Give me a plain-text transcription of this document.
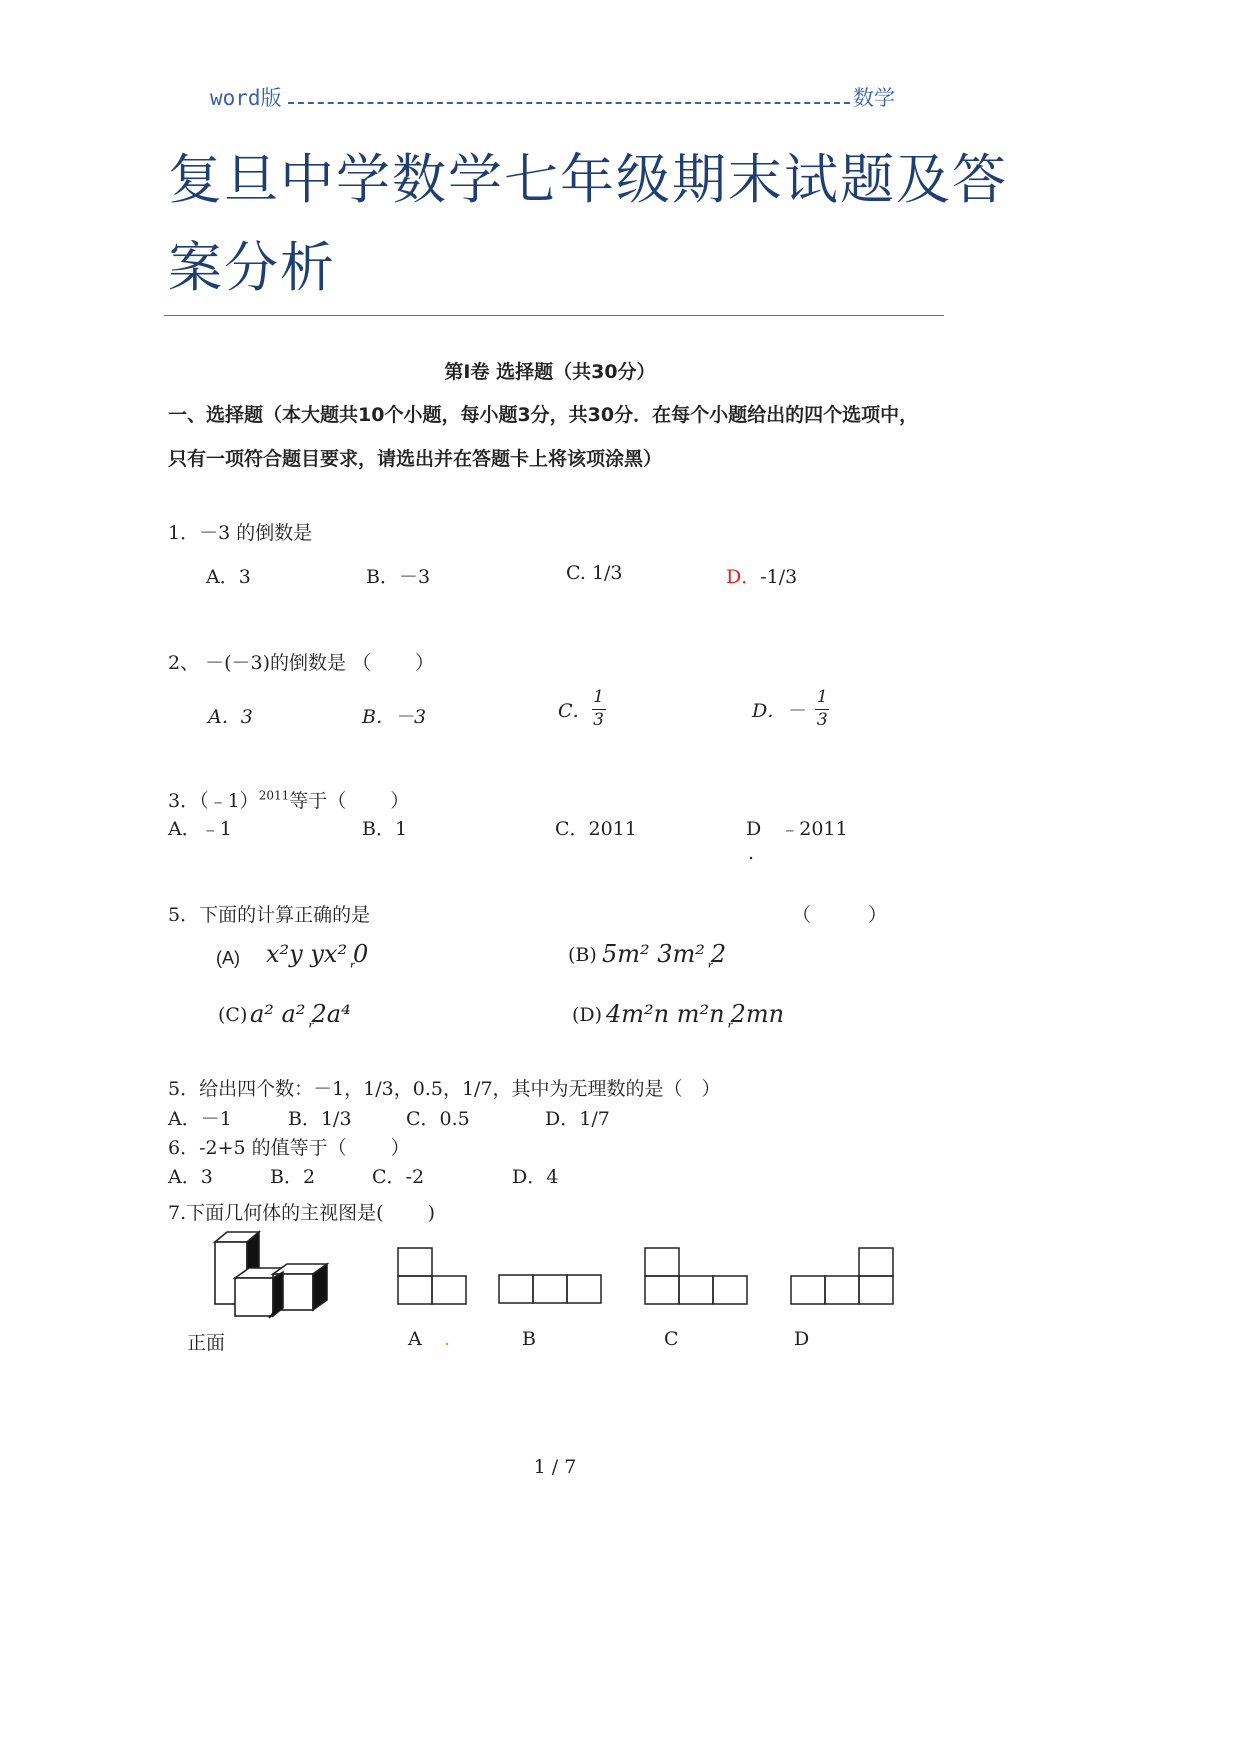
word版	数学
复旦中学数学七年级期末试题及答
案分析
第Ⅰ卷 选择题（共30分）
一、选择题（本大题共10个小题，每小题3分，共30分．在每个小题给出的四个选项中，
只有一项符合题目要求，请选出并在答题卡上将该项涂黑）
1．－3 的倒数是
A．3	B．－3	C. 1/3	D．-1/3
2、 －(－3)的倒数是 （　　 ）
A．3	B．－3	C． $\frac{1}{3}$	D．－ $\frac{1}{3}$
3．（﹣1）$^{2011}$等于（　　 ）
A．﹣1	B．1	C．2011	D　﹣2011
.
5．下面的计算正确的是	（　　　）
(A) x²y yx² ᷊0	(B) 5m² 3m² ᷊2
(C) a² a² ᷊2a⁴	(D) 4m²n m²n ᷊2mn
5．给出四个数：－1，1/3，0.5，1/7，其中为无理数的是（　）
A．－1	B．1/3	C．0.5	D．1/7
6．-2+5 的值等于（　　 ）
A．3	B．2	C．-2	D．4
7.下面几何体的主视图是(　　 )
正面	A .	B	C	D
1 / 7
